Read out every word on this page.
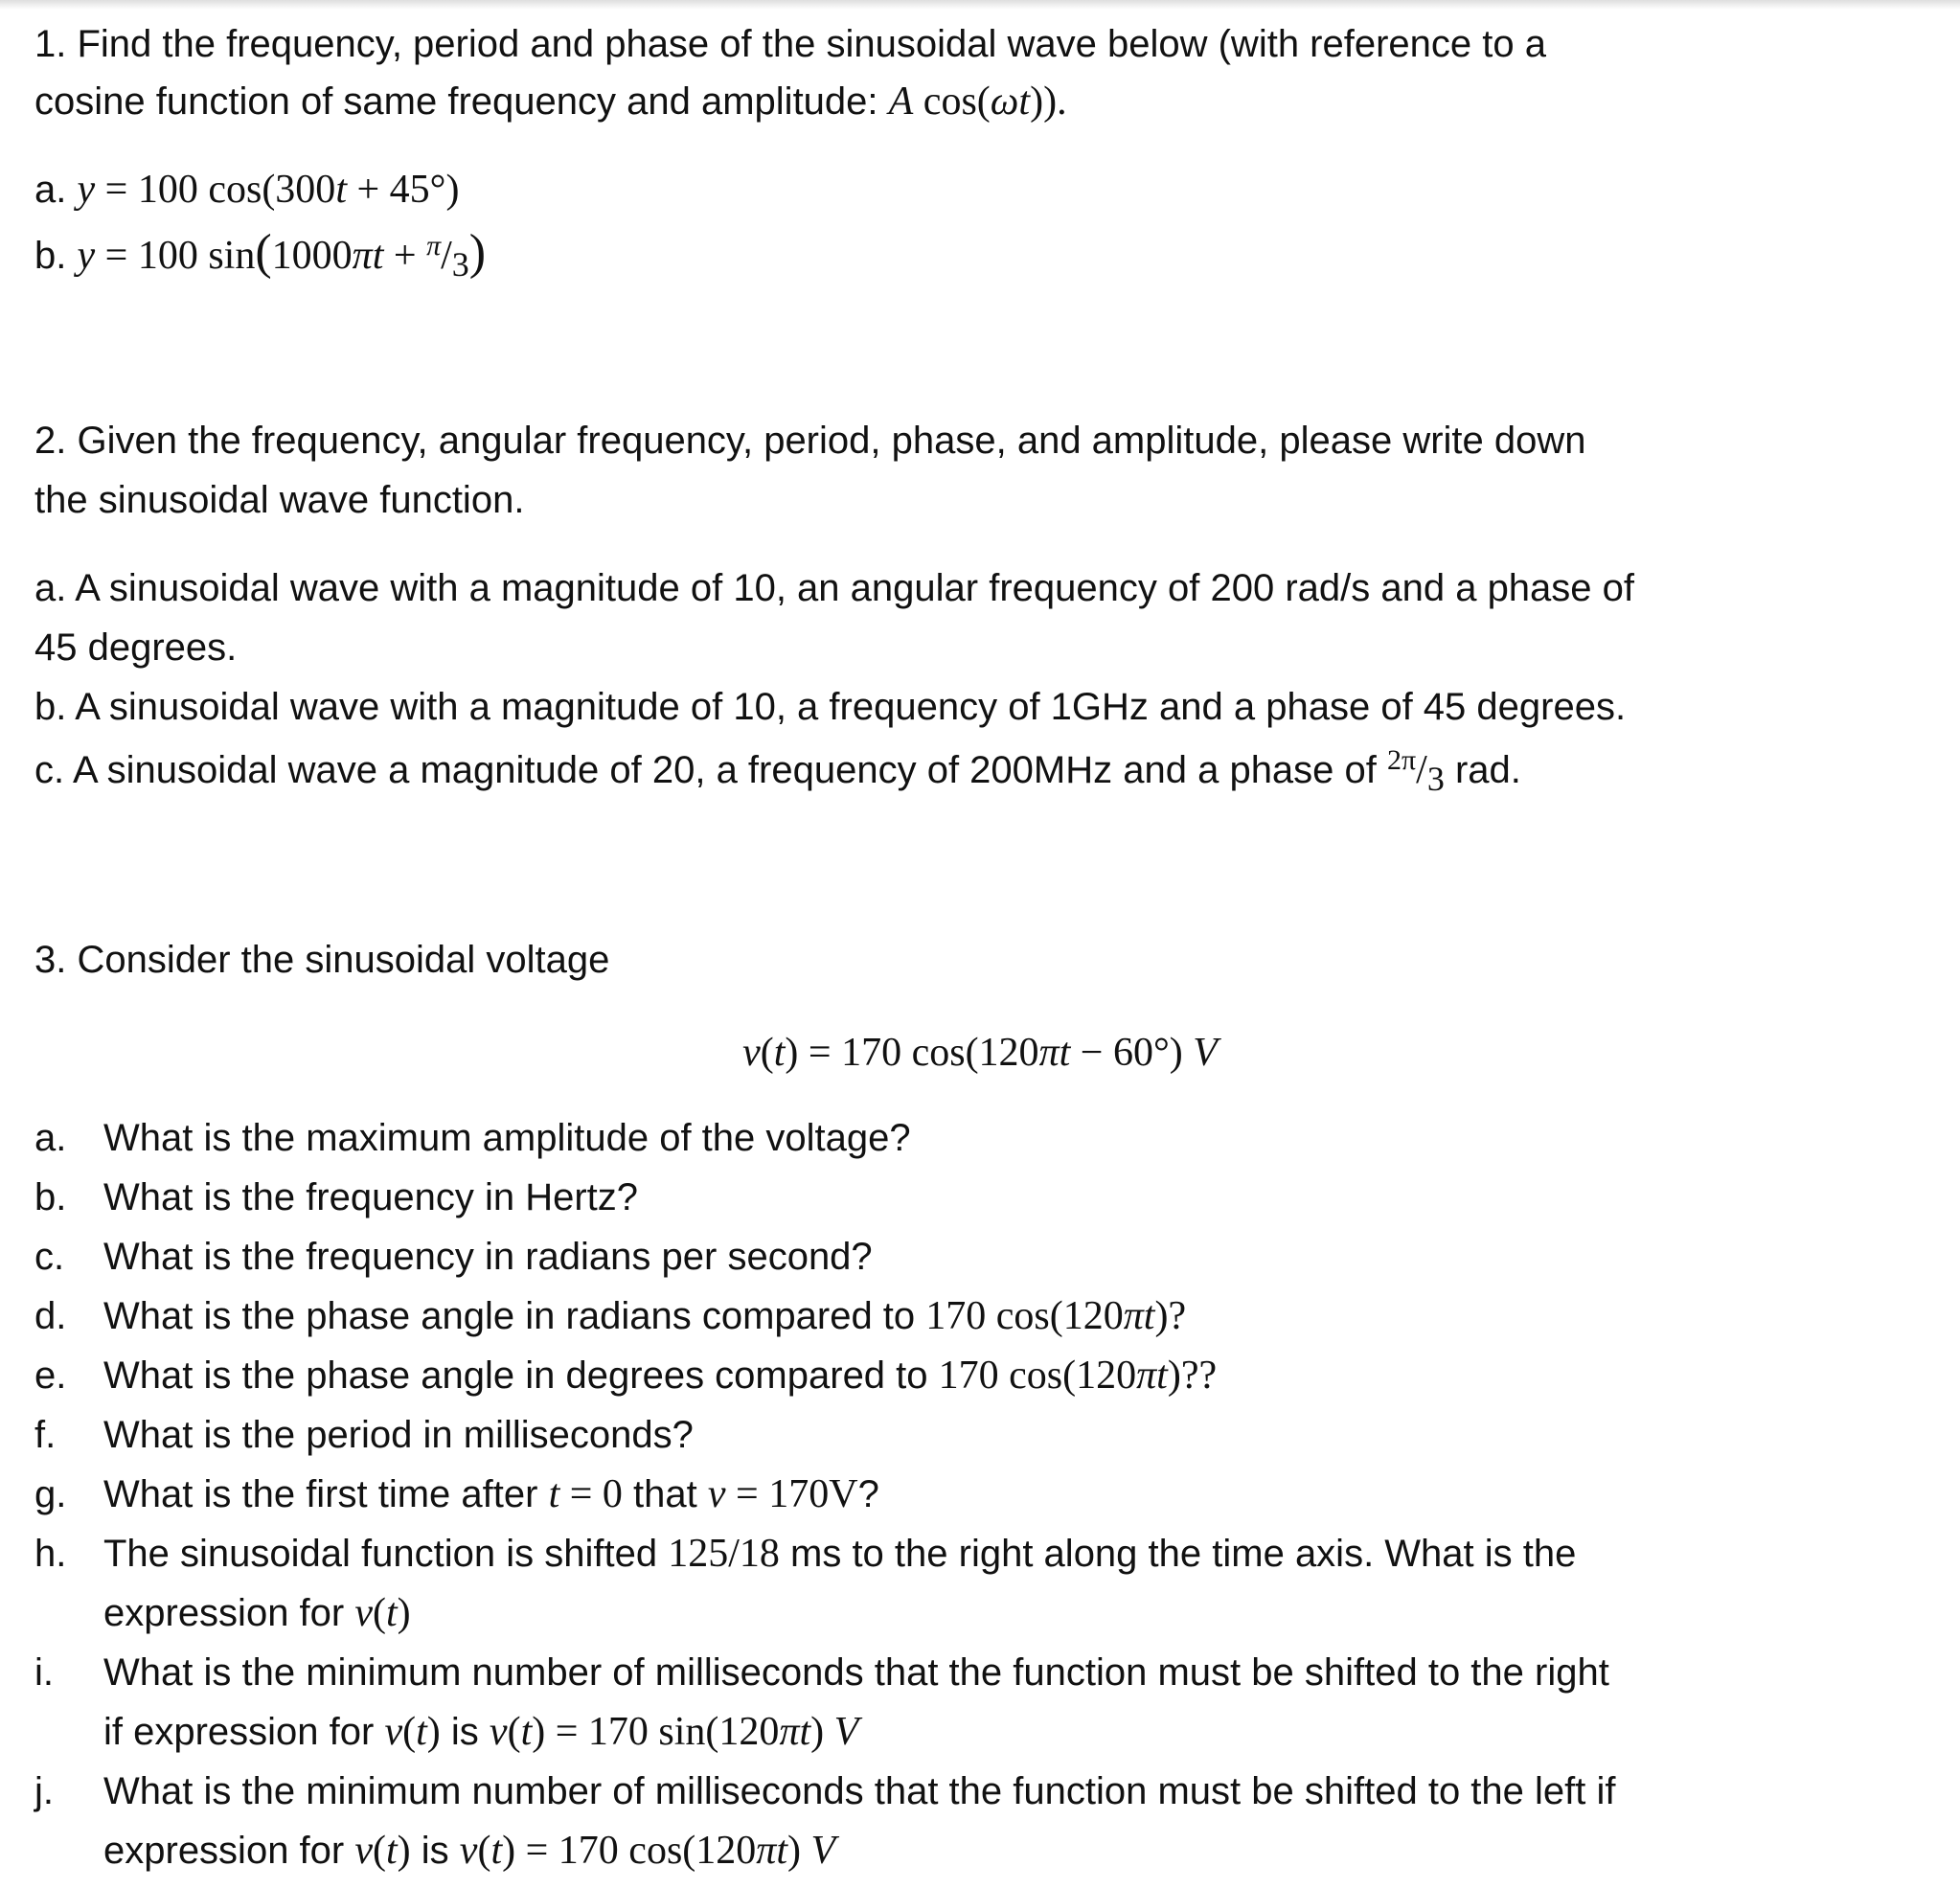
1. Find the frequency, period and phase of the sinusoidal wave below (with reference to a
cosine function of same frequency and amplitude: A cos(ωt)).
a. y = 100 cos(300t + 45°)
b. y = 100 sin(1000πt + $^\pi$/3)
2. Given the frequency, angular frequency, period, phase, and amplitude, please write down
the sinusoidal wave function.
a. A sinusoidal wave with a magnitude of 10, an angular frequency of 200 rad/s and a phase of
45 degrees.
b. A sinusoidal wave with a magnitude of 10, a frequency of 1GHz and a phase of 45 degrees.
c. A sinusoidal wave a magnitude of 20, a frequency of 200MHz and a phase of $^{2\pi}$/3 rad.
3. Consider the sinusoidal voltage
v(t) = 170 cos(120πt − 60°) V
a. What is the maximum amplitude of the voltage?
b. What is the frequency in Hertz?
c.	What is the frequency in radians per second?
d. What is the phase angle in radians compared to 170 cos(120πt)?
e. What is the phase angle in degrees compared to 170 cos(120πt)??
f.	What is the period in milliseconds?
g. What is the first time after t = 0 that v = 170V?
h. The sinusoidal function is shifted 125/18 ms to the right along the time axis. What is the
expression for v(t)
i.	What is the minimum number of milliseconds that the function must be shifted to the right
if expression for v(t) is v(t) = 170 sin(120πt) V
j.	What is the minimum number of milliseconds that the function must be shifted to the left if
expression for v(t) is v(t) = 170 cos(120πt) V
